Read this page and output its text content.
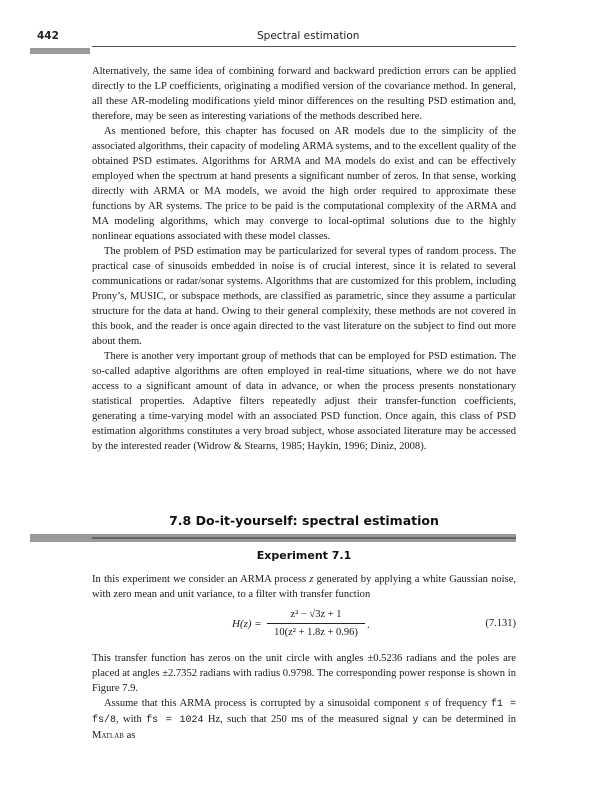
442	Spectral estimation

Alternatively, the same idea of combining forward and backward prediction errors can be applied directly to the LP coefficients, originating a modified version of the covariance method. In general, all these AR-modeling modifications yield minor differences on the resulting PSD estimation and, therefore, may be seen as interesting variations of the methods described here.

As mentioned before, this chapter has focused on AR models due to the simplicity of the associated algorithms, their capacity of modeling ARMA systems, and to the excellent quality of the obtained PSD estimates. Algorithms for ARMA and MA models do exist and can be effectively employed when the spectrum at hand presents a significant number of zeros. In that sense, working directly with ARMA or MA models, we avoid the high order required to approximate these functions by AR systems. The price to be paid is the computational complexity of the ARMA and MA modeling algorithms, which may converge to local-optimal solutions due to the highly nonlinear equations associated with these model classes.

The problem of PSD estimation may be particularized for several types of random process. The practical case of sinusoids embedded in noise is of crucial interest, since it is related to several communications or radar/sonar systems. Algorithms that are customized for this problem, including Prony’s, MUSIC, or subspace methods, are classified as parametric, since they assume a particular structure for the data at hand. Owing to their general complexity, these methods are not covered in this book, and the reader is once again directed to the vast literature on the subject to find out more about them.

There is another very important group of methods that can be employed for PSD estimation. The so-called adaptive algorithms are often employed in real-time situations, where we do not have access to a significant amount of data in advance, or when the process presents nonstationary statistical properties. Adaptive filters repeatedly adjust their transfer-function coefficients, generating a time-varying model with an associated PSD function. Once again, this class of PSD estimation algorithms constitutes a very broad subject, whose associated literature may be accessed by the interested reader (Widrow & Stearns, 1985; Haykin, 1996; Diniz, 2008).

7.8 Do-it-yourself: spectral estimation
Experiment 7.1

In this experiment we consider an ARMA process z generated by applying a white Gaussian noise, with zero mean and unit variance, to a filter with transfer function

H(z) =
z² − √3z + 1
10(z² + 1.8z + 0.96)
.	(7.131)

This transfer function has zeros on the unit circle with angles ±0.5236 radians and the poles are placed at angles ±2.7352 radians with radius 0.9798. The corresponding power response is shown in Figure 7.9.

Assume that this ARMA process is corrupted by a sinusoidal component s of frequency f1 = fs/8, with fs = 1024 Hz, such that 250 ms of the measured signal y can be determined in Matlab as
